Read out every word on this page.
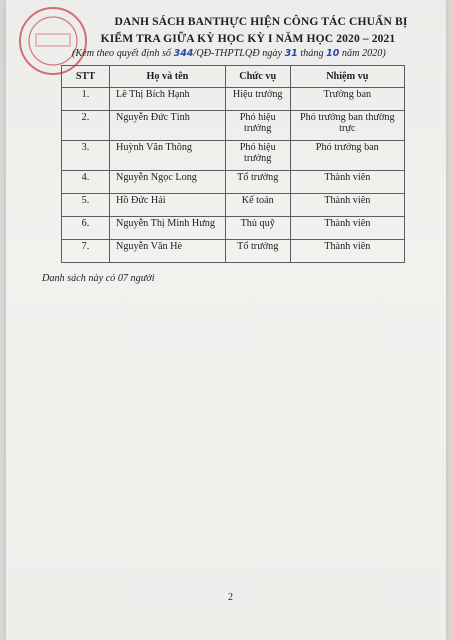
DANH SÁCH BANTHỰC HIỆN CÔNG TÁC CHUẨN BỊ
KIỂM TRA GIỮA KỲ HỌC KỲ I NĂM HỌC 2020 – 2021
(Kèm theo quyết định số 344/QĐ-THPTLQĐ ngày 31 tháng 10 năm 2020)
STT	Họ và tên	Chức vụ	Nhiệm vụ
1.	Lê Thị Bích Hạnh	Hiệu trưởng	Trưởng ban
2.	Nguyễn Đức Tính	Phó hiệu trưởng	Phó trưởng ban thường trực
3.	Huỳnh Văn Thông	Phó hiệu trưởng	Phó trưởng ban
4.	Nguyễn Ngọc Long	Tổ trưởng	Thành viên
5.	Hồ Đức Hải	Kế toán	Thành viên
6.	Nguyễn Thị Minh Hưng	Thủ quỹ	Thành viên
7.	Nguyễn Văn Hè	Tổ trưởng	Thành viên
Danh sách này có 07 người
2
